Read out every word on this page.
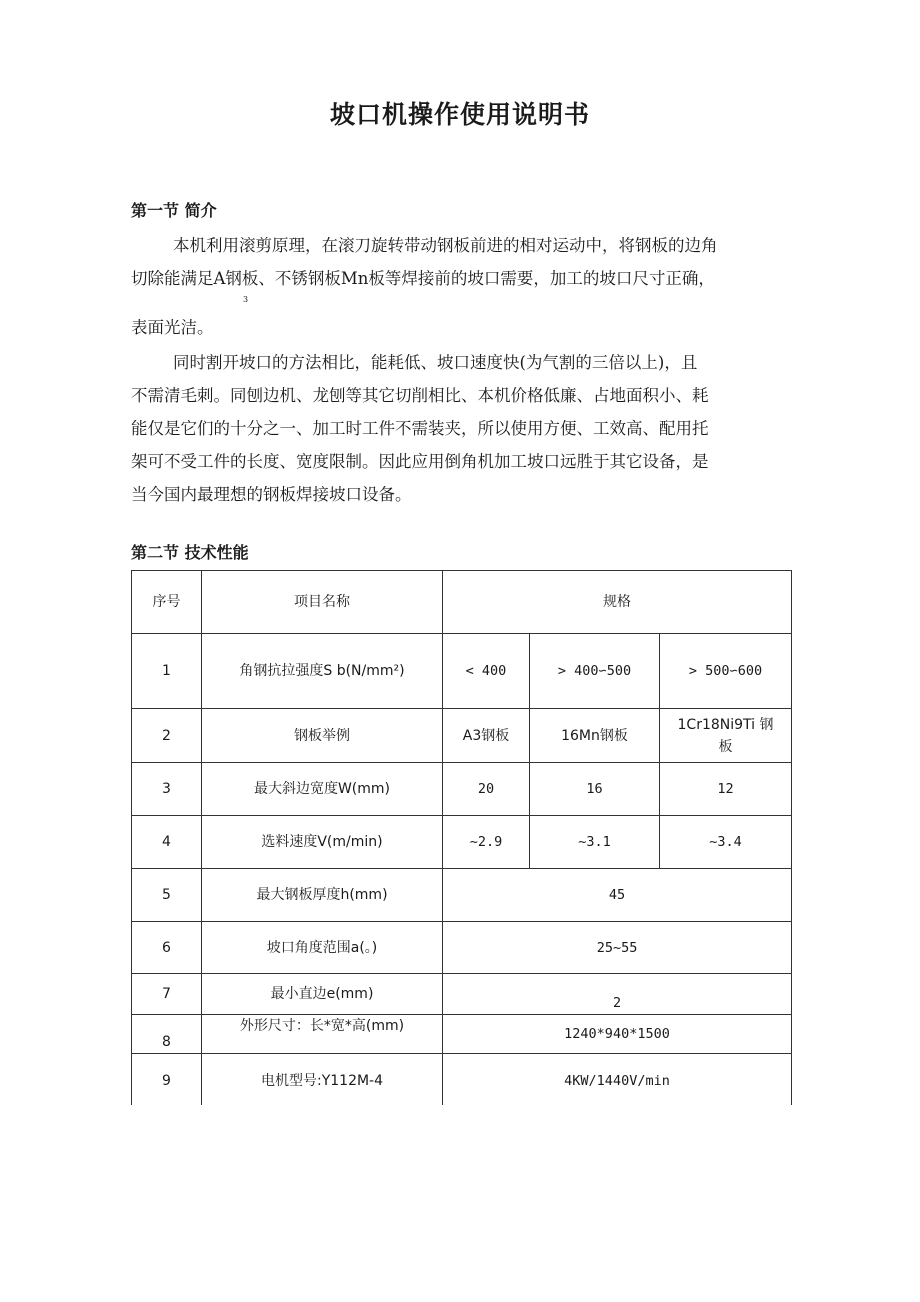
坡口机操作使用说明书
第一节 简介
本机利用滚剪原理，在滚刀旋转带动钢板前进的相对运动中，将钢板的边角
切除能满足A钢板、不锈钢板Mn板等焊接前的坡口需要，加工的坡口尺寸正确，
表面光洁。
3
同时割开坡口的方法相比，能耗低、坡口速度快(为气割的三倍以上)，且
不需清毛刺。同刨边机、龙刨等其它切削相比、本机价格低廉、占地面积小、耗
能仅是它们的十分之一、加工时工件不需装夹，所以使用方便、工效高、配用托
架可不受工件的长度、宽度限制。因此应用倒角机加工坡口远胜于其它设备，是
当今国内最理想的钢板焊接坡口设备。
第二节 技术性能
序号	项目名称	规格		
1	角钢抗拉强度S b(N/mm²)	< 400	> 400∽500	> 500∽600
2	钢板举例	A3钢板	16Mn钢板	1Cr18Ni9Ti 钢
板

3	最大斜边宽度W(mm)	20	16	12
4	选料速度V(m/min)	~2.9	~3.1	~3.4
5	最大钢板厚度h(mm)	45		
6	坡口角度范围a(。)	25~55		
7	最小直边e(mm)	2		
8	外形尺寸：长*宽*高(mm)	1240*940*1500		
9	电机型号:Y112M-4	4KW/1440V/min		
